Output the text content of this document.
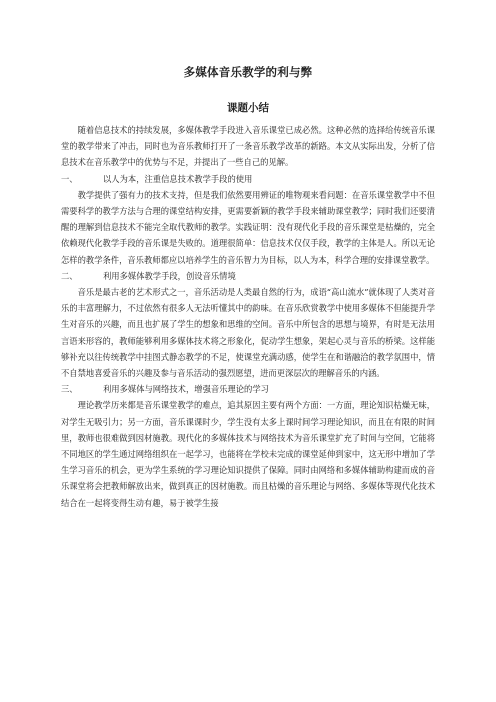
多媒体音乐教学的利与弊
课题小结

随着信息技术的持续发展，多媒体教学手段进入音乐课堂已成必然。这种必然的选择给传统音乐课堂的教学带来了冲击，同时也为音乐教师打开了一条音乐教学改革的新路。本文从实际出发，分析了信息技术在音乐教学中的优势与不足，并提出了一些自己的见解。

一、	以人为本，注重信息技术教学手段的使用

教学提供了强有力的技术支持，但是我们依然要用辨证的唯物观来看问题：在音乐课堂教学中不但需要科学的教学方法与合理的课堂结构安排，更需要新颖的教学手段来辅助课堂教学；同时我们还要清醒的理解到信息技术不能完全取代教师的教学。实践证明：没有现代化手段的音乐课堂是枯燥的，完全依赖现代化教学手段的音乐课是失败的。道理很简单：信息技术仅仅手段，教学的主体是人。所以无论怎样的教学条件，音乐教师都应以培养学生的音乐智力为目标，以人为本，科学合理的安排课堂教学。

二、	利用多媒体教学手段，创设音乐情境

音乐是最古老的艺术形式之一，音乐活动是人类最自然的行为，成语“高山流水”就体现了人类对音乐的丰富理解力，不过依然有很多人无法听懂其中的韵味。在音乐欣赏教学中使用多媒体不但能提升学生对音乐的兴趣，而且也扩展了学生的想象和思维的空间。音乐中所包含的思想与境界，有时是无法用言语来形容的，教师能够利用多媒体技术将之形象化，促动学生想象，架起心灵与音乐的桥梁。这样能够补充以往传统教学中挂图式静态教学的不足，使课堂充满动感，使学生在和谐融洽的教学氛围中，情不自禁地喜爱音乐的兴趣及参与音乐活动的强烈愿望，进而更深层次的理解音乐的内涵。

三、	利用多媒体与网络技术，增强音乐理论的学习

理论教学历来都是音乐课堂教学的难点，追其原因主要有两个方面：一方面，理论知识枯燥无味，对学生无吸引力；另一方面，音乐课课时少，学生没有太多上课时间学习理论知识，而且在有限的时间里，教师也很难做到因材施教。现代化的多媒体技术与网络技术为音乐课堂扩充了时间与空间，它能将不同地区的学生通过网络组织在一起学习，也能将在学校未完成的课堂延伸到家中，这无形中增加了学生学习音乐的机会，更为学生系统的学习理论知识提供了保障。同时由网络和多媒体辅助构建而成的音乐课堂将会把教师解放出来，做到真正的因材施教。而且枯燥的音乐理论与网络、多媒体等现代化技术结合在一起将变得生动有趣，易于被学生接
